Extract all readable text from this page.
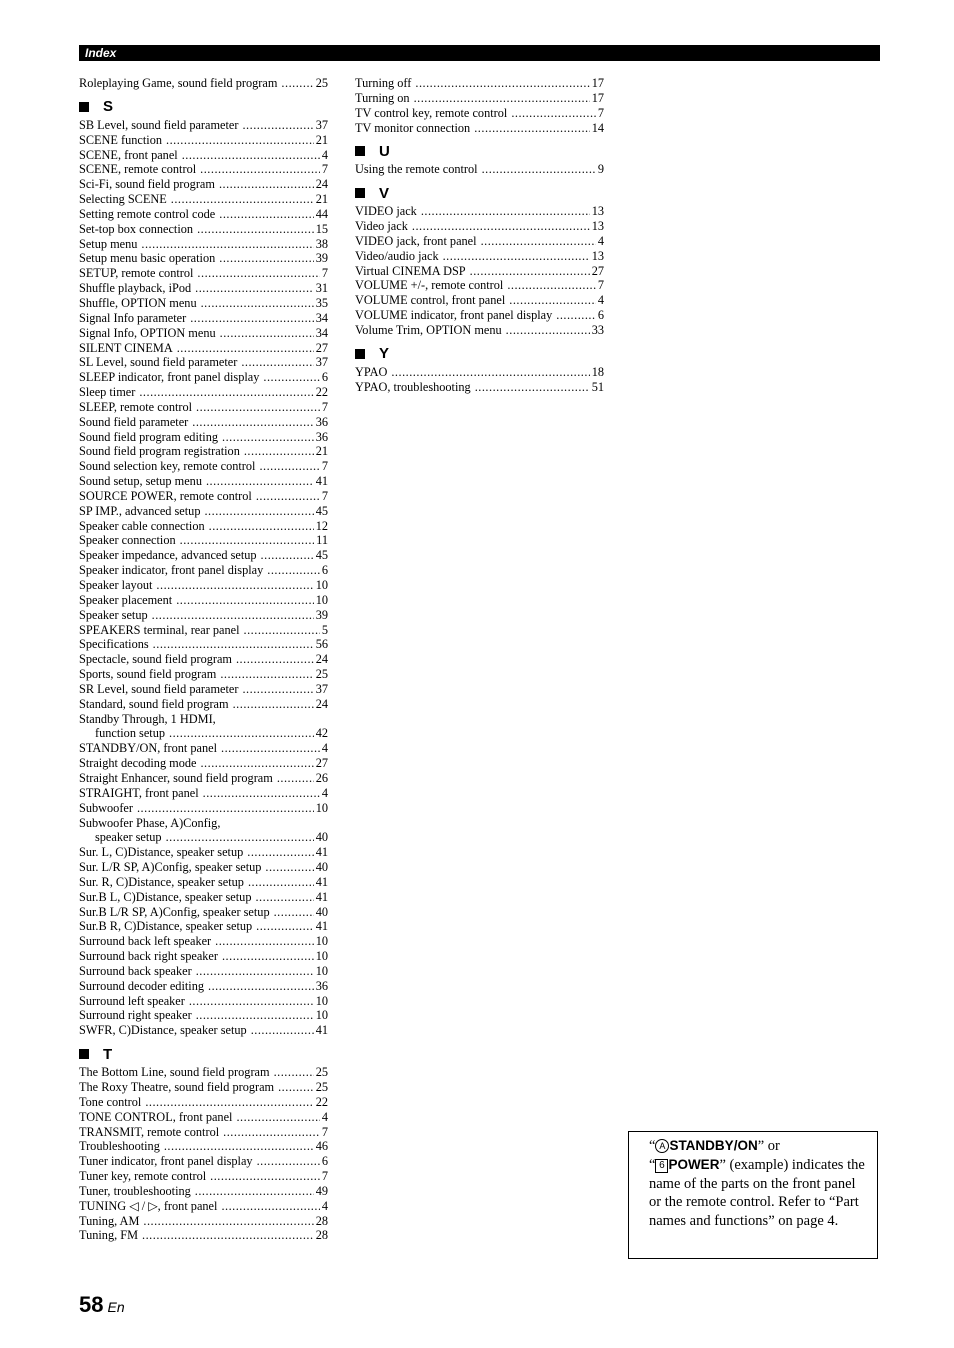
Index
Roleplaying Game, sound field program .....	25
S
SB Level, sound field parameter .....	37
SCENE function .....	21
SCENE, front panel .....	4
SCENE, remote control .....	7
Sci-Fi, sound field program .....	24
Selecting SCENE .....	21
Setting remote control code .....	44
Set-top box connection .....	15
Setup menu .....	38
Setup menu basic operation .....	39
SETUP, remote control .....	7
Shuffle playback, iPod .....	31
Shuffle, OPTION menu .....	35
Signal Info parameter .....	34
Signal Info, OPTION menu .....	34
SILENT CINEMA .....	27
SL Level, sound field parameter .....	37
SLEEP indicator, front panel display .....	6
Sleep timer .....	22
SLEEP, remote control .....	7
Sound field parameter .....	36
Sound field program editing .....	36
Sound field program registration .....	21
Sound selection key, remote control .....	7
Sound setup, setup menu .....	41
SOURCE POWER, remote control .....	7
SP IMP., advanced setup .....	45
Speaker cable connection .....	12
Speaker connection .....	11
Speaker impedance, advanced setup .....	45
Speaker indicator, front panel display .....	6
Speaker layout .....	10
Speaker placement .....	10
Speaker setup .....	39
SPEAKERS terminal, rear panel .....	5
Specifications .....	56
Spectacle, sound field program .....	24
Sports, sound field program .....	25
SR Level, sound field parameter .....	37
Standard, sound field program .....	24
Standby Through, 1 HDMI,
function setup .....	42
STANDBY/ON, front panel .....	4
Straight decoding mode .....	27
Straight Enhancer, sound field program .....	26
STRAIGHT, front panel .....	4
Subwoofer .....	10
Subwoofer Phase, A)Config,
speaker setup .....	40
Sur. L, C)Distance, speaker setup .....	41
Sur. L/R SP, A)Config, speaker setup .....	40
Sur. R, C)Distance, speaker setup .....	41
Sur.B L, C)Distance, speaker setup .....	41
Sur.B L/R SP, A)Config, speaker setup .....	40
Sur.B R, C)Distance, speaker setup .....	41
Surround back left speaker .....	10
Surround back right speaker .....	10
Surround back speaker .....	10
Surround decoder editing .....	36
Surround left speaker .....	10
Surround right speaker .....	10
SWFR, C)Distance, speaker setup .....	41
T
The Bottom Line, sound field program .....	25
The Roxy Theatre, sound field program .....	25
Tone control .....	22
TONE CONTROL, front panel .....	4
TRANSMIT, remote control .....	7
Troubleshooting .....	46
Tuner indicator, front panel display .....	6
Tuner key, remote control .....	7
Tuner, troubleshooting .....	49
TUNING ◁ / ▷, front panel .....	4
Tuning, AM .....	28
Tuning, FM .....	28
Turning off .....	17
Turning on .....	17
TV control key, remote control .....	7
TV monitor connection .....	14
U
Using the remote control .....	9
V
VIDEO jack .....	13
Video jack .....	13
VIDEO jack, front panel .....	4
Video/audio jack .....	13
Virtual CINEMA DSP .....	27
VOLUME +/-, remote control .....	7
VOLUME control, front panel .....	4
VOLUME indicator, front panel display .....	6
Volume Trim, OPTION menu .....	33
Y
YPAO .....	18
YPAO, troubleshooting .....	51
“ A STANDBY/ON” or
“ 6 POWER” (example) indicates the name of the parts on the front panel or the remote control. Refer to “Part names and functions” on page 4.
58 En
